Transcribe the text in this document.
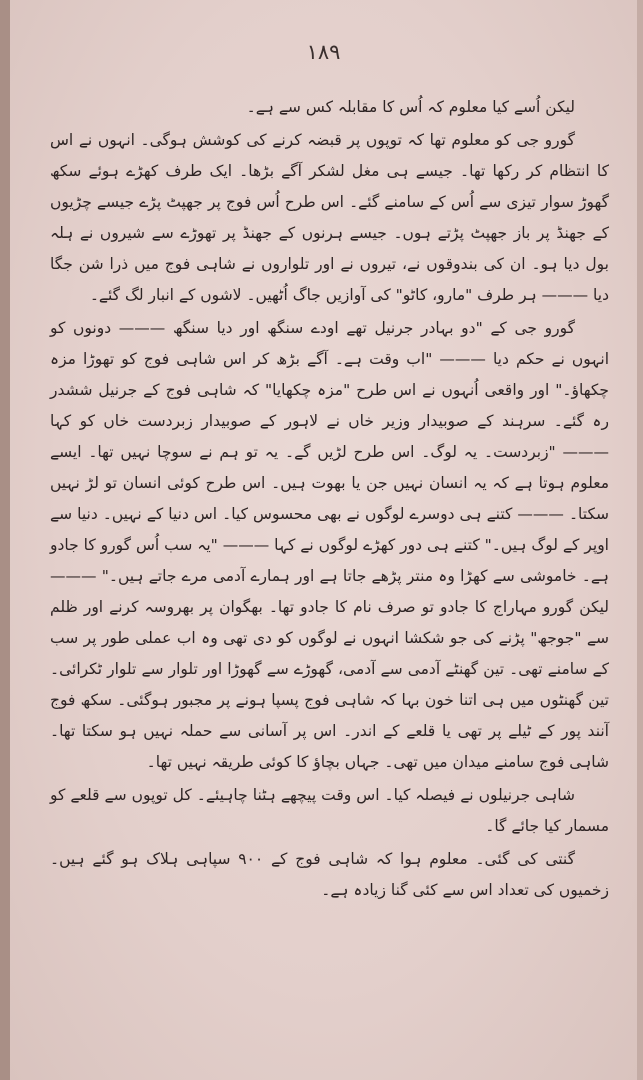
۱۸۹

لیکن اُسے کیا معلوم کہ اُس کا مقابلہ کس سے ہے۔

گورو جی کو معلوم تھا کہ توپوں پر قبضہ کرنے کی کوشش ہوگی۔ انہوں نے اس کا انتظام کر رکھا تھا۔ جیسے ہی مغل لشکر آگے بڑھا۔ ایک طرف کھڑے ہوئے سکھ گھوڑ سوار تیزی سے اُس کے سامنے گئے۔ اس طرح اُس فوج پر جھپٹ پڑے جیسے چڑیوں کے جھنڈ پر باز جھپٹ پڑتے ہوں۔ جیسے ہرنوں کے جھنڈ پر تھوڑے سے شیروں نے ہلہ بول دیا ہو۔ ان کی بندوقوں نے، تیروں نے اور تلواروں نے شاہی فوج میں ذرا شن جگا دیا ——— ہر طرف "مارو، کاٹو" کی آوازیں جاگ اُٹھیں۔ لاشوں کے انبار لگ گئے۔

گورو جی کے "دو بہادر جرنیل تھے اودے سنگھ اور دیا سنگھ ——— دونوں کو انہوں نے حکم دیا ——— "اب وقت ہے۔ آگے بڑھ کر اس شاہی فوج کو تھوڑا مزہ چکھاؤ۔" اور واقعی اُنہوں نے اس طرح "مزہ چکھایا" کہ شاہی فوج کے جرنیل ششدر رہ گئے۔ سرہند کے صوبیدار وزیر خاں نے لاہور کے صوبیدار زبردست خاں کو کہا ——— "زبردست۔ یہ لوگ۔ اس طرح لڑیں گے۔ یہ تو ہم نے سوچا نہیں تھا۔ ایسے معلوم ہوتا ہے کہ یہ انسان نہیں جن یا بھوت ہیں۔ اس طرح کوئی انسان تو لڑ نہیں سکتا۔ ——— کتنے ہی دوسرے لوگوں نے بھی محسوس کیا۔ اس دنیا کے نہیں۔ دنیا سے اوپر کے لوگ ہیں۔" کتنے ہی دور کھڑے لوگوں نے کہا ——— "یہ سب اُس گورو کا جادو ہے۔ خاموشی سے کھڑا وہ منتر پڑھے جاتا ہے اور ہمارے آدمی مرے جاتے ہیں۔" ——— لیکن گورو مہاراج کا جادو تو صرف نام کا جادو تھا۔ بھگوان پر بھروسہ کرنے اور ظلم سے "جوجھ" پڑنے کی جو شکشا انہوں نے لوگوں کو دی تھی وہ اب عملی طور پر سب کے سامنے تھی۔ تین گھنٹے آدمی سے آدمی، گھوڑے سے گھوڑا اور تلوار سے تلوار ٹکرائی۔ تین گھنٹوں میں ہی اتنا خون بہا کہ شاہی فوج پسپا ہونے پر مجبور ہوگئی۔ سکھ فوج آنند پور کے ٹیلے پر تھی یا قلعے کے اندر۔ اس پر آسانی سے حملہ نہیں ہو سکتا تھا۔ شاہی فوج سامنے میدان میں تھی۔ جہاں بچاؤ کا کوئی طریقہ نہیں تھا۔

شاہی جرنیلوں نے فیصلہ کیا۔ اس وقت پیچھے ہٹنا چاہیئے۔ کل توپوں سے قلعے کو مسمار کیا جائے گا۔

گنتی کی گئی۔ معلوم ہوا کہ شاہی فوج کے ۹۰۰ سپاہی ہلاک ہو گئے ہیں۔ زخمیوں کی تعداد اس سے کئی گنا زیادہ ہے۔
